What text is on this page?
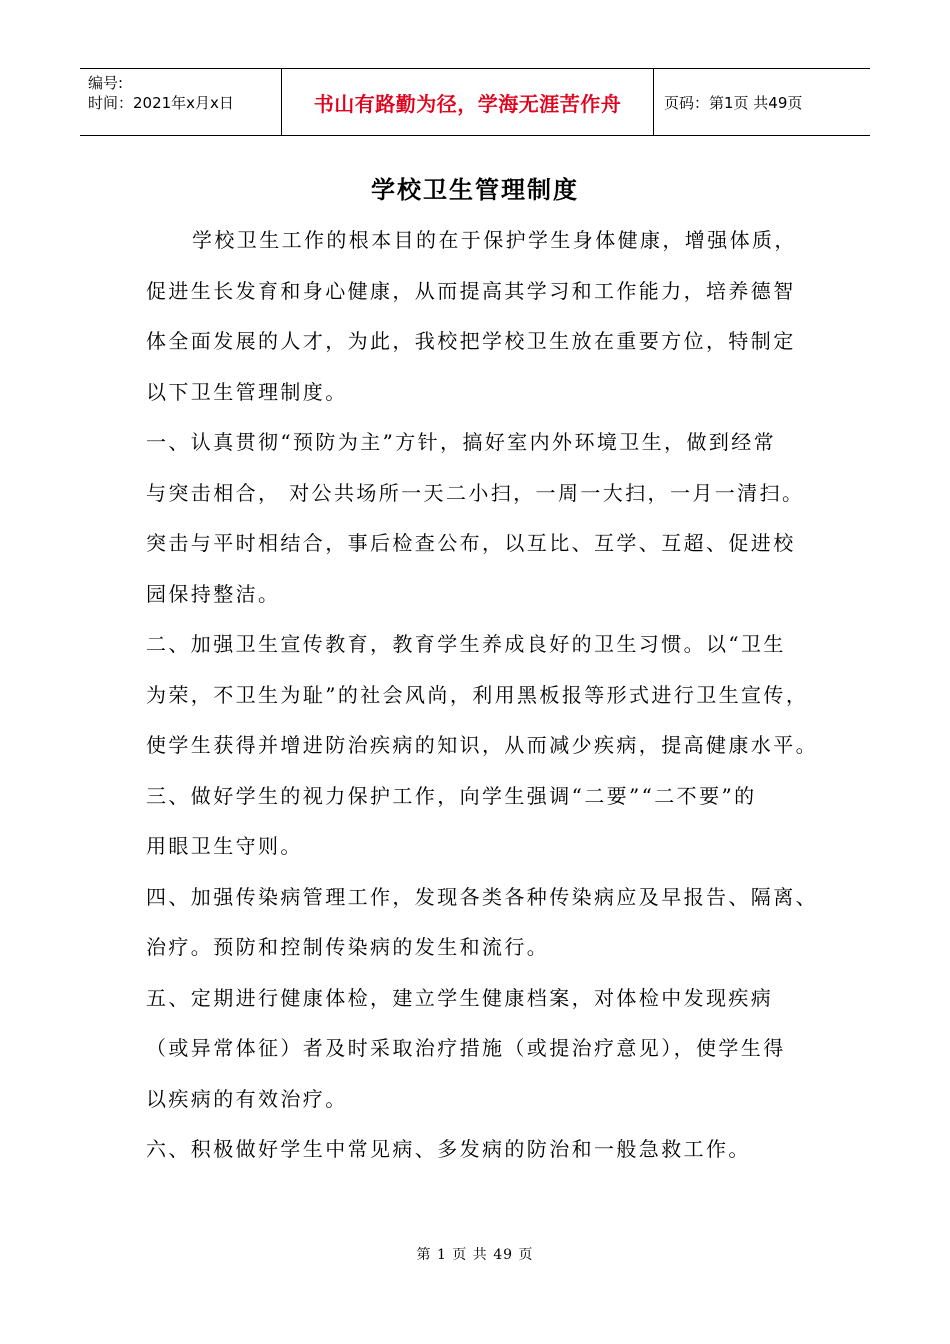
编号:
时间：2021年x月x日	书山有路勤为径，学海无涯苦作舟	页码：第1页 共49页
学校卫生管理制度
学校卫生工作的根本目的在于保护学生身体健康，增强体质，
促进生长发育和身心健康，从而提高其学习和工作能力，培养德智
体全面发展的人才，为此，我校把学校卫生放在重要方位，特制定
以下卫生管理制度。
一、认真贯彻“预防为主”方针，搞好室内外环境卫生，做到经常
与突击相合， 对公共场所一天二小扫，一周一大扫，一月一清扫。
突击与平时相结合，事后检查公布，以互比、互学、互超、促进校
园保持整洁。
二、加强卫生宣传教育，教育学生养成良好的卫生习惯。以“卫生
为荣，不卫生为耻”的社会风尚，利用黑板报等形式进行卫生宣传，
使学生获得并增进防治疾病的知识，从而减少疾病，提高健康水平。
三、做好学生的视力保护工作，向学生强调“二要”“二不要”的
用眼卫生守则。
四、加强传染病管理工作，发现各类各种传染病应及早报告、隔离、
治疗。预防和控制传染病的发生和流行。
五、定期进行健康体检，建立学生健康档案，对体检中发现疾病
（或异常体征）者及时采取治疗措施（或提治疗意见），使学生得
以疾病的有效治疗。
六、积极做好学生中常见病、多发病的防治和一般急救工作。
第 1 页 共 49 页
